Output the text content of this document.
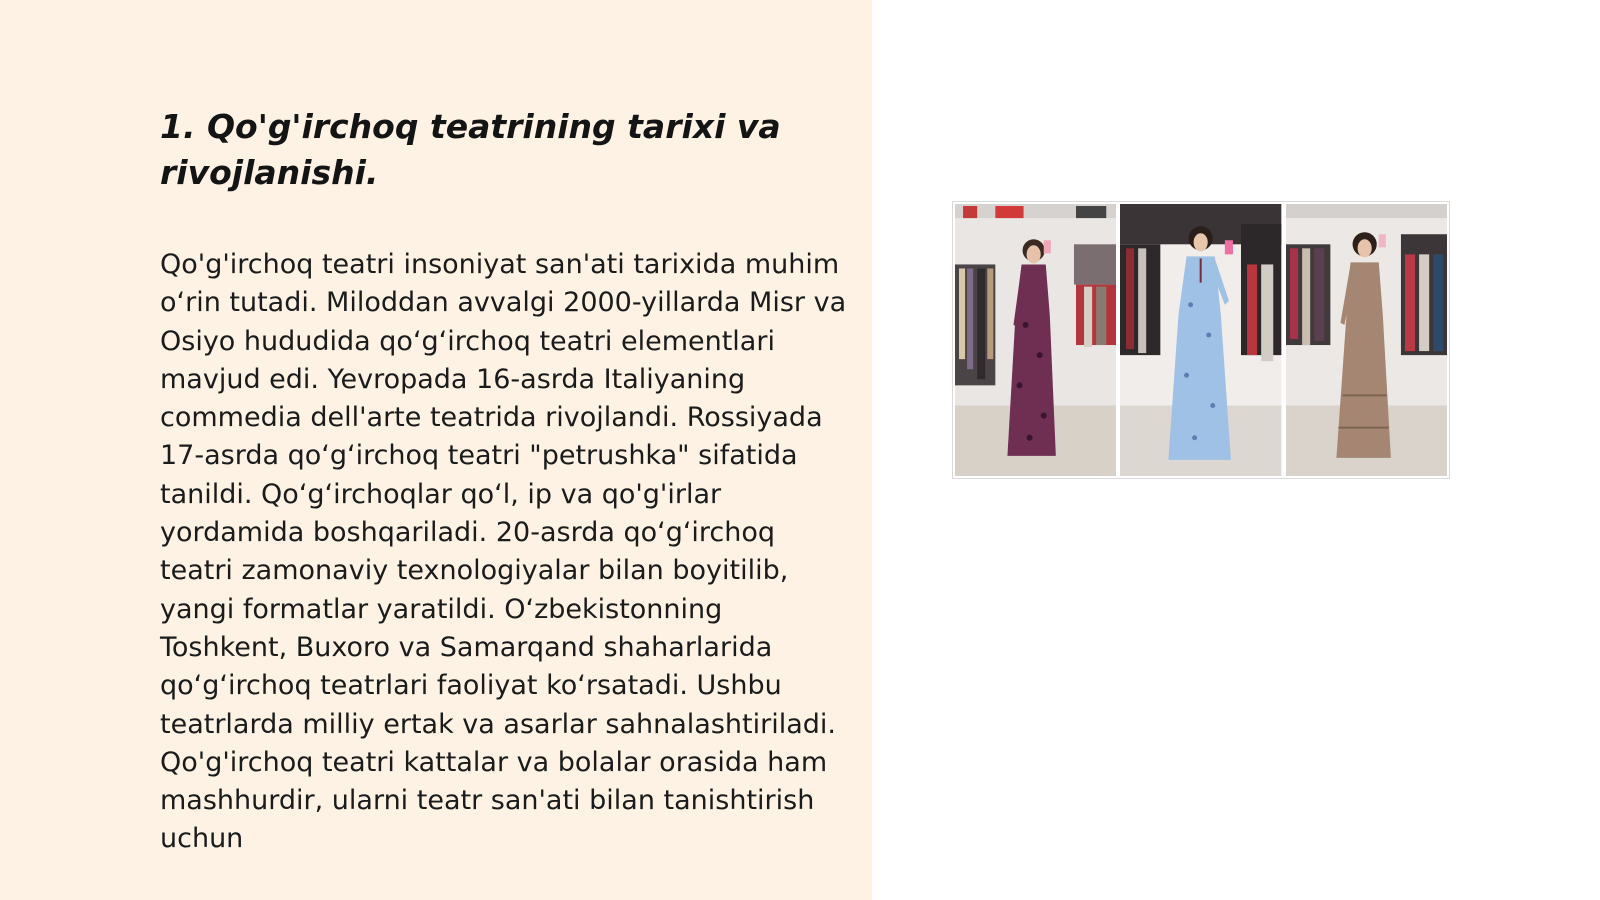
1. Qo'g'irchoq teatrining tarixi va rivojlanishi.

Qo'g'irchoq teatri insoniyat san'ati tarixida muhim o‘rin tutadi. Miloddan avvalgi 2000-yillarda Misr va Osiyo hududida qo‘g‘irchoq teatri elementlari mavjud edi. Yevropada 16-asrda Italiyaning commedia dell'arte teatrida rivojlandi. Rossiyada 17-asrda qo‘g‘irchoq teatri "petrushka" sifatida tanildi. Qo‘g‘irchoqlar qo‘l, ip va qo'g'irlar yordamida boshqariladi. 20-asrda qo‘g‘irchoq teatri zamonaviy texnologiyalar bilan boyitilib, yangi formatlar yaratildi. O‘zbekistonning Toshkent, Buxoro va Samarqand shaharlarida qo‘g‘irchoq teatrlari faoliyat ko‘rsatadi. Ushbu teatrlarda milliy ertak va asarlar sahnalashtiriladi. Qo'g'irchoq teatri kattalar va bolalar orasida ham mashhurdir, ularni teatr san'ati bilan tanishtirish uchun
